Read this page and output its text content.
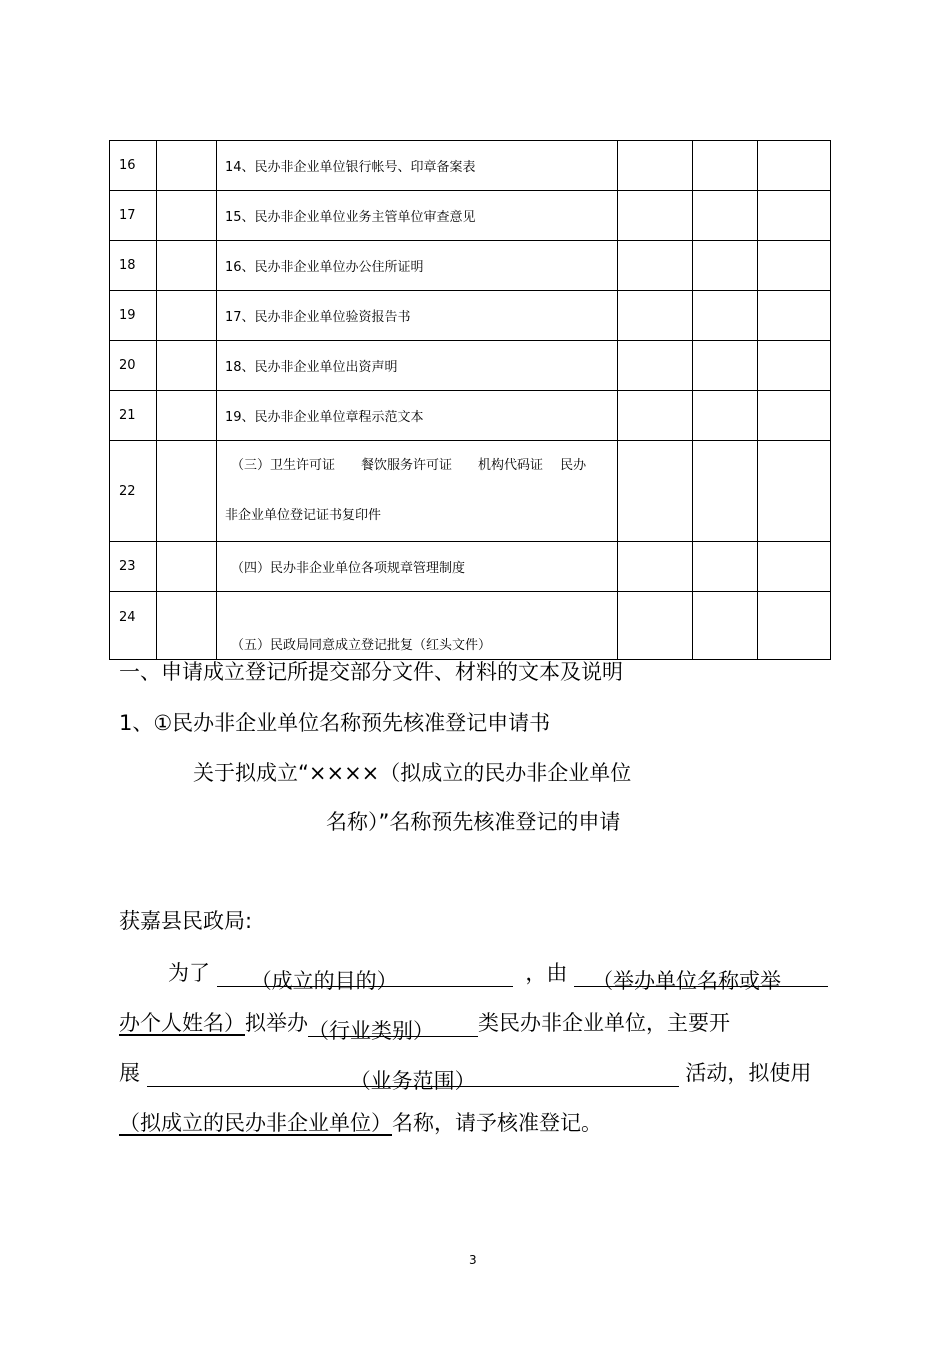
16		14、民办非企业单位银行帐号、印章备案表			
17		15、民办非企业单位业务主管单位审查意见			
18		16、民办非企业单位办公住所证明			
19		17、民办非企业单位验资报告书			
20		18、民办非企业单位出资声明			
21		19、民办非企业单位章程示范文本			
22		（三）卫生许可证　　餐饮服务许可证　　机构代码证　 民办
非企业单位登记证书复印件			
23		（四）民办非企业单位各项规章管理制度			
24		（五）民政局同意成立登记批复（红头文件）			
一、申请成立登记所提交部分文件、材料的文本及说明
1、①民办非企业单位名称预先核准登记申请书
关于拟成立“××××（拟成立的民办非企业单位
名称）”名称预先核准登记的申请
获嘉县民政局:
为了 （成立的目的）	，由 （举办单位名称或举
办个人姓名）拟举办（行业类别） 类民办非企业单位，主要开
展	（业务范围）	活动，拟使用
（拟成立的民办非企业单位）名称，请予核准登记。
3
